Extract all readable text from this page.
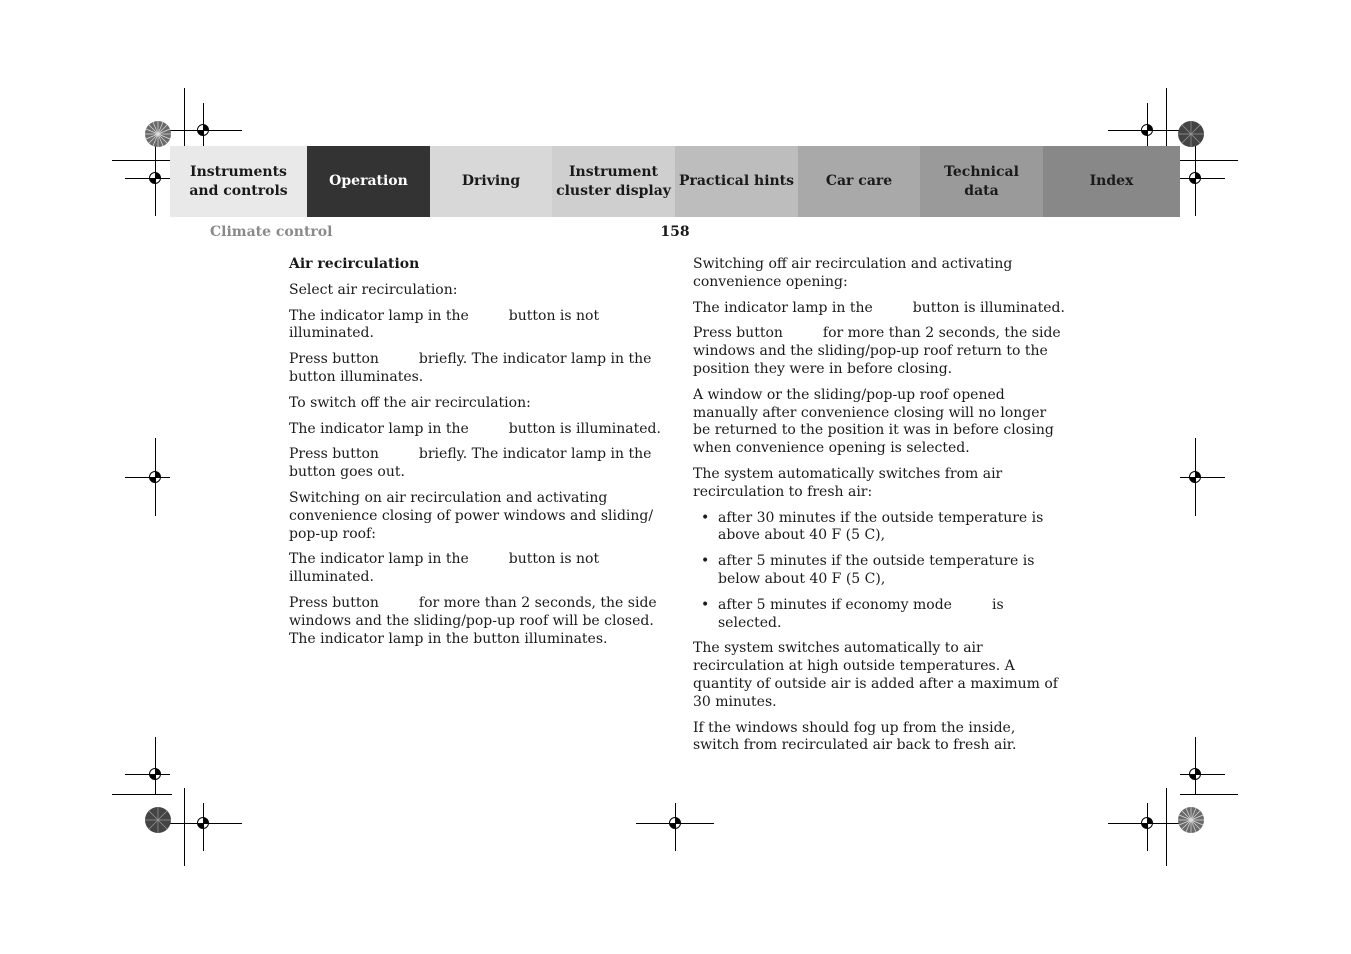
Instruments
and controls
Operation	Driving
Instrument
cluster display
Practical hints	Car care
Technical
data
Index
Climate control	158

Air recirculation

Select air recirculation:

The indicator lamp in the	button is not illuminated.

Press button	briefly. The indicator lamp in the button illuminates.

To switch off the air recirculation:

The indicator lamp in the	button is illuminated.

Press button	briefly. The indicator lamp in the button goes out.

Switching on air recirculation and activating convenience closing of power windows and sliding/ pop-up roof:

The indicator lamp in the	button is not illuminated.

Press button	for more than 2 seconds, the side windows and the sliding/pop-up roof will be closed. The indicator lamp in the button illuminates.

Switching off air recirculation and activating convenience opening:

The indicator lamp in the	button is illuminated.

Press button	for more than 2 seconds, the side windows and the sliding/pop-up roof return to the position they were in before closing.

A window or the sliding/pop-up roof opened manually after convenience closing will no longer be returned to the position it was in before closing when convenience opening is selected.

The system automatically switches from air recirculation to fresh air:

• after 30 minutes if the outside temperature is above about 40 F (5 C),
• after 5 minutes if the outside temperature is below about 40 F (5 C),
• after 5 minutes if economy mode	is selected.

The system switches automatically to air recirculation at high outside temperatures. A quantity of outside air is added after a maximum of 30 minutes.

If the windows should fog up from the inside, switch from recirculated air back to fresh air.
